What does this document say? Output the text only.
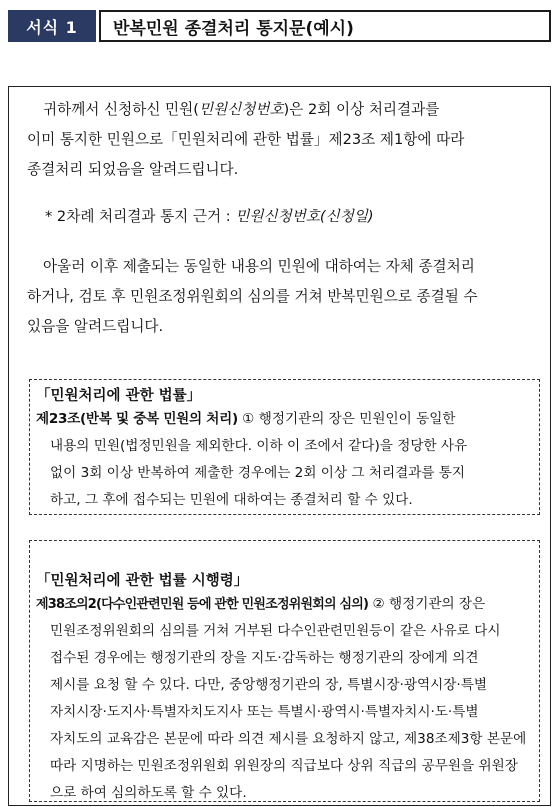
서식 1	반복민원 종결처리 통지문(예시)
귀하께서 신청하신 민원(민원신청번호)은 2회 이상 처리결과를
이미 통지한 민원으로「민원처리에 관한 법률」제23조 제1항에 따라
종결처리 되었음을 알려드립니다.
* 2차례 처리결과 통지 근거 : 민원신청번호(신청일)
아울러 이후 제출되는 동일한 내용의 민원에 대하여는 자체 종결처리
하거나, 검토 후 민원조정위원회의 심의를 거쳐 반복민원으로 종결될 수
있음을 알려드립니다.
「민원처리에 관한 법률」
제23조(반복 및 중복 민원의 처리) ① 행정기관의 장은 민원인이 동일한
내용의 민원(법정민원을 제외한다. 이하 이 조에서 같다)을 정당한 사유
없이 3회 이상 반복하여 제출한 경우에는 2회 이상 그 처리결과를 통지
하고, 그 후에 접수되는 민원에 대하여는 종결처리 할 수 있다.
「민원처리에 관한 법률 시행령」
제38조의2(다수인관련민원 등에 관한 민원조정위원회의 심의) ② 행정기관의 장은
민원조정위원회의 심의를 거쳐 거부된 다수인관련민원등이 같은 사유로 다시
접수된 경우에는 행정기관의 장을 지도·감독하는 행정기관의 장에게 의견
제시를 요청 할 수 있다. 다만, 중앙행정기관의 장, 특별시장·광역시장·특별
자치시장·도지사·특별자치도지사 또는 특별시·광역시·특별자치시·도·특별
자치도의 교육감은 본문에 따라 의견 제시를 요청하지 않고, 제38조제3항 본문에
따라 지명하는 민원조정위원회 위원장의 직급보다 상위 직급의 공무원을 위원장
으로 하여 심의하도록 할 수 있다.
